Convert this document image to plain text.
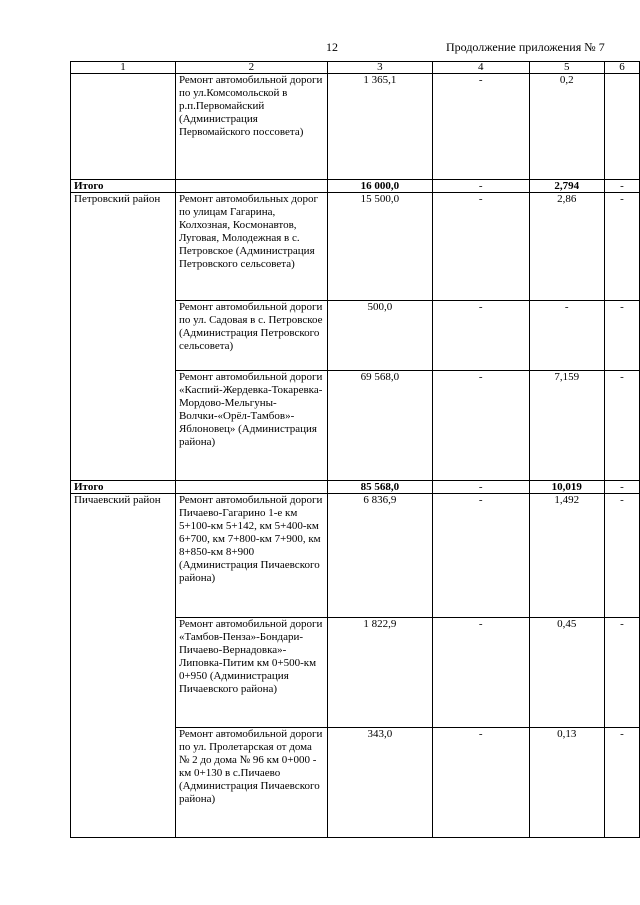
12	Продолжение приложения № 7
1	2	3	4	5	6
	Ремонт автомобильной дороги по ул.Комсомольской в р.п.Первомайский (Администрация Первомайского поссовета)	1 365,1	-	0,2	
Итого		16 000,0	-	2,794	-
Петровский район	Ремонт автомобильных дорог по улицам Гагарина, Колхозная, Космонавтов, Луговая, Молодежная в с. Петровское (Администрация Петровского сельсовета)	15 500,0	-	2,86	-
	Ремонт автомобильной дороги по ул. Садовая в с. Петровское (Администрация Петровского сельсовета)	500,0	-	-	-
	Ремонт автомобильной дороги «Каспий-Жердевка-Токаревка-Мордово-Мельгуны-Волчки-«Орёл-Тамбов»-Яблоновец» (Администрация района)	69 568,0	-	7,159	-
Итого		85 568,0	-	10,019	-
Пичаевский район	Ремонт автомобильной дороги Пичаево-Гагарино 1-е км 5+100-км 5+142, км 5+400-км 6+700, км 7+800-км 7+900, км 8+850-км 8+900 (Администрация Пичаевского района)	6 836,9	-	1,492	-
	Ремонт автомобильной дороги «Тамбов-Пенза»-Бондари-Пичаево-Вернадовка»-Липовка-Питим км 0+500-км 0+950 (Администрация Пичаевского района)	1 822,9	-	0,45	-
	Ремонт автомобильной дороги по ул. Пролетарская от дома № 2 до дома № 96 км 0+000 - км 0+130 в с.Пичаево (Администрация Пичаевского района)	343,0	-	0,13	-
